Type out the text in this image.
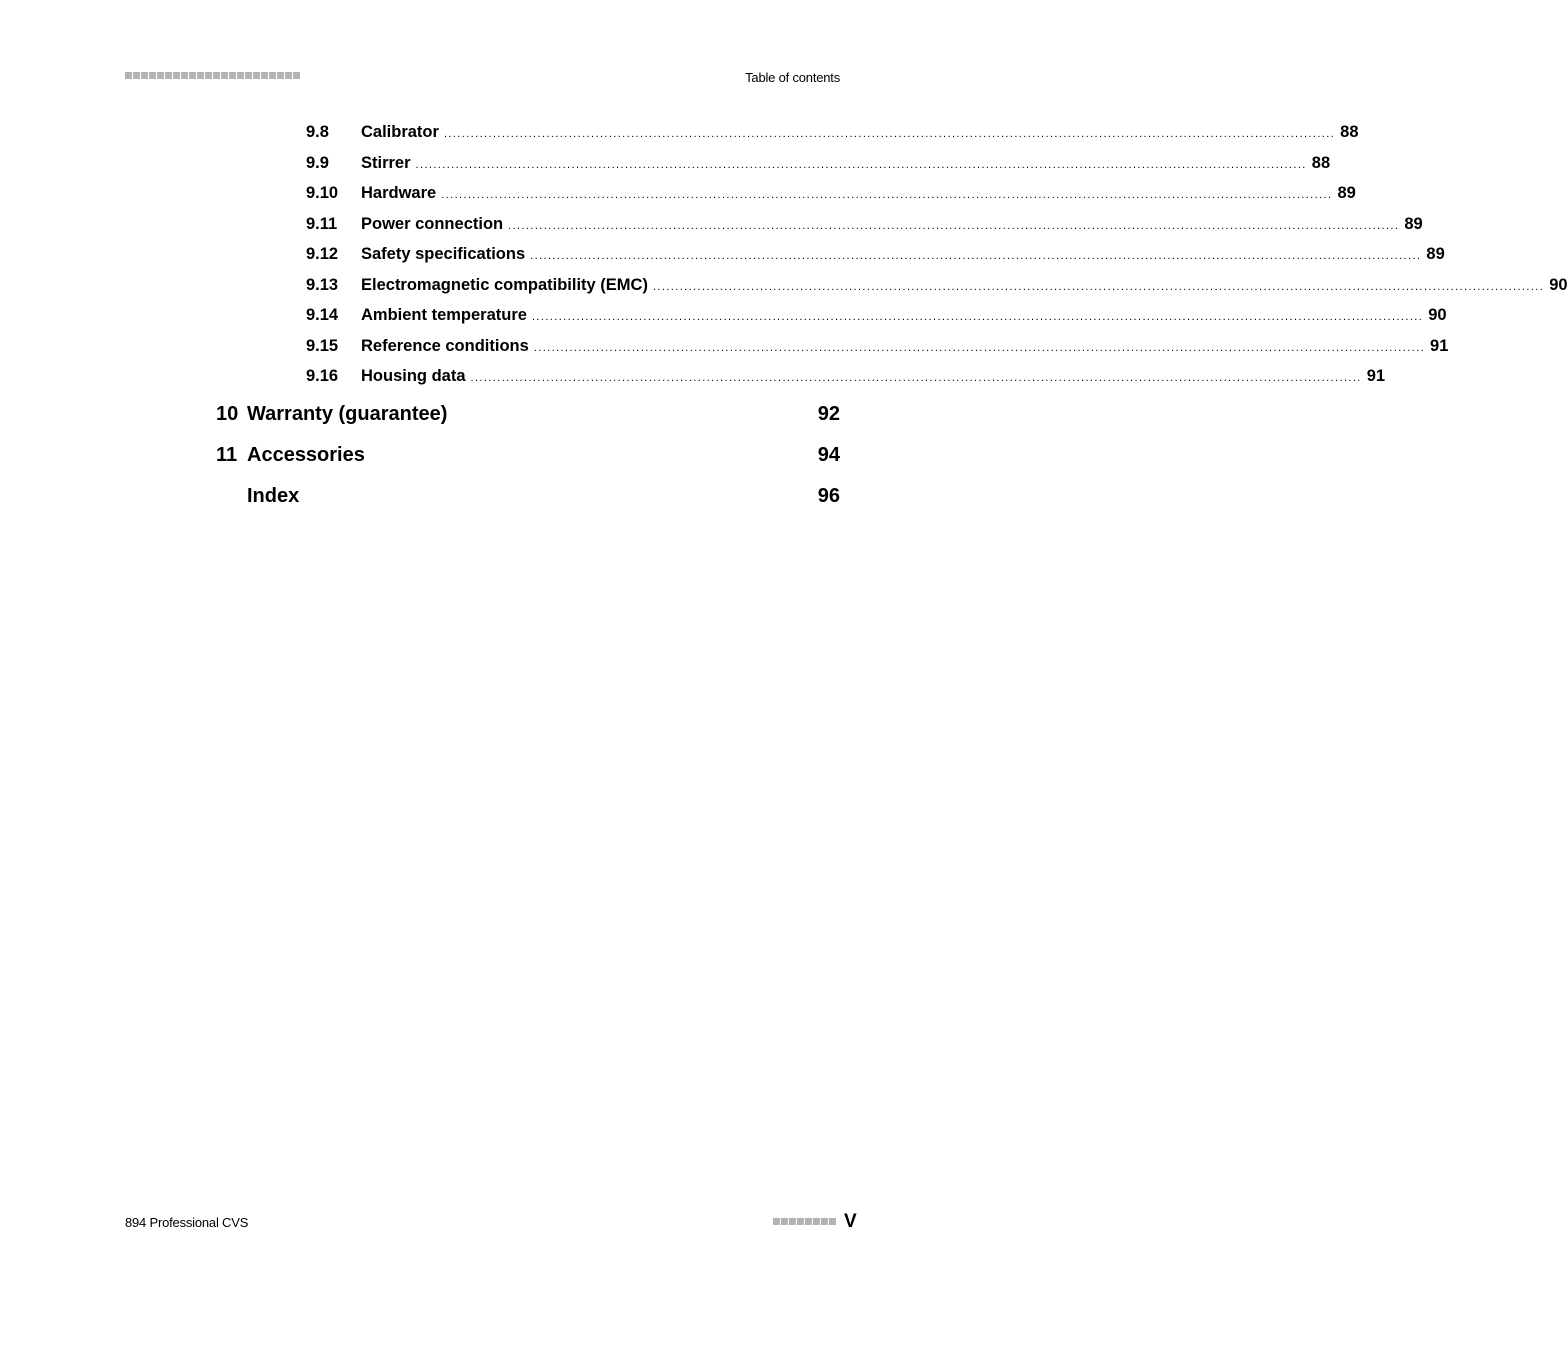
Table of contents
9.8	Calibrator ........................................................................................................................................................................................................ 88
9.9	Stirrer ........................................................................................................................................................................................................ 88
9.10	Hardware ........................................................................................................................................................................................................ 89
9.11	Power connection ........................................................................................................................................................................................................ 89
9.12	Safety specifications ........................................................................................................................................................................................................ 89
9.13	Electromagnetic compatibility (EMC) ........................................................................................................................................................................................................ 90
9.14	Ambient temperature ........................................................................................................................................................................................................ 90
9.15	Reference conditions ........................................................................................................................................................................................................ 91
9.16	Housing data ........................................................................................................................................................................................................ 91
10 Warranty (guarantee)	92
11 Accessories	94
Index	96
894 Professional CVS	V
